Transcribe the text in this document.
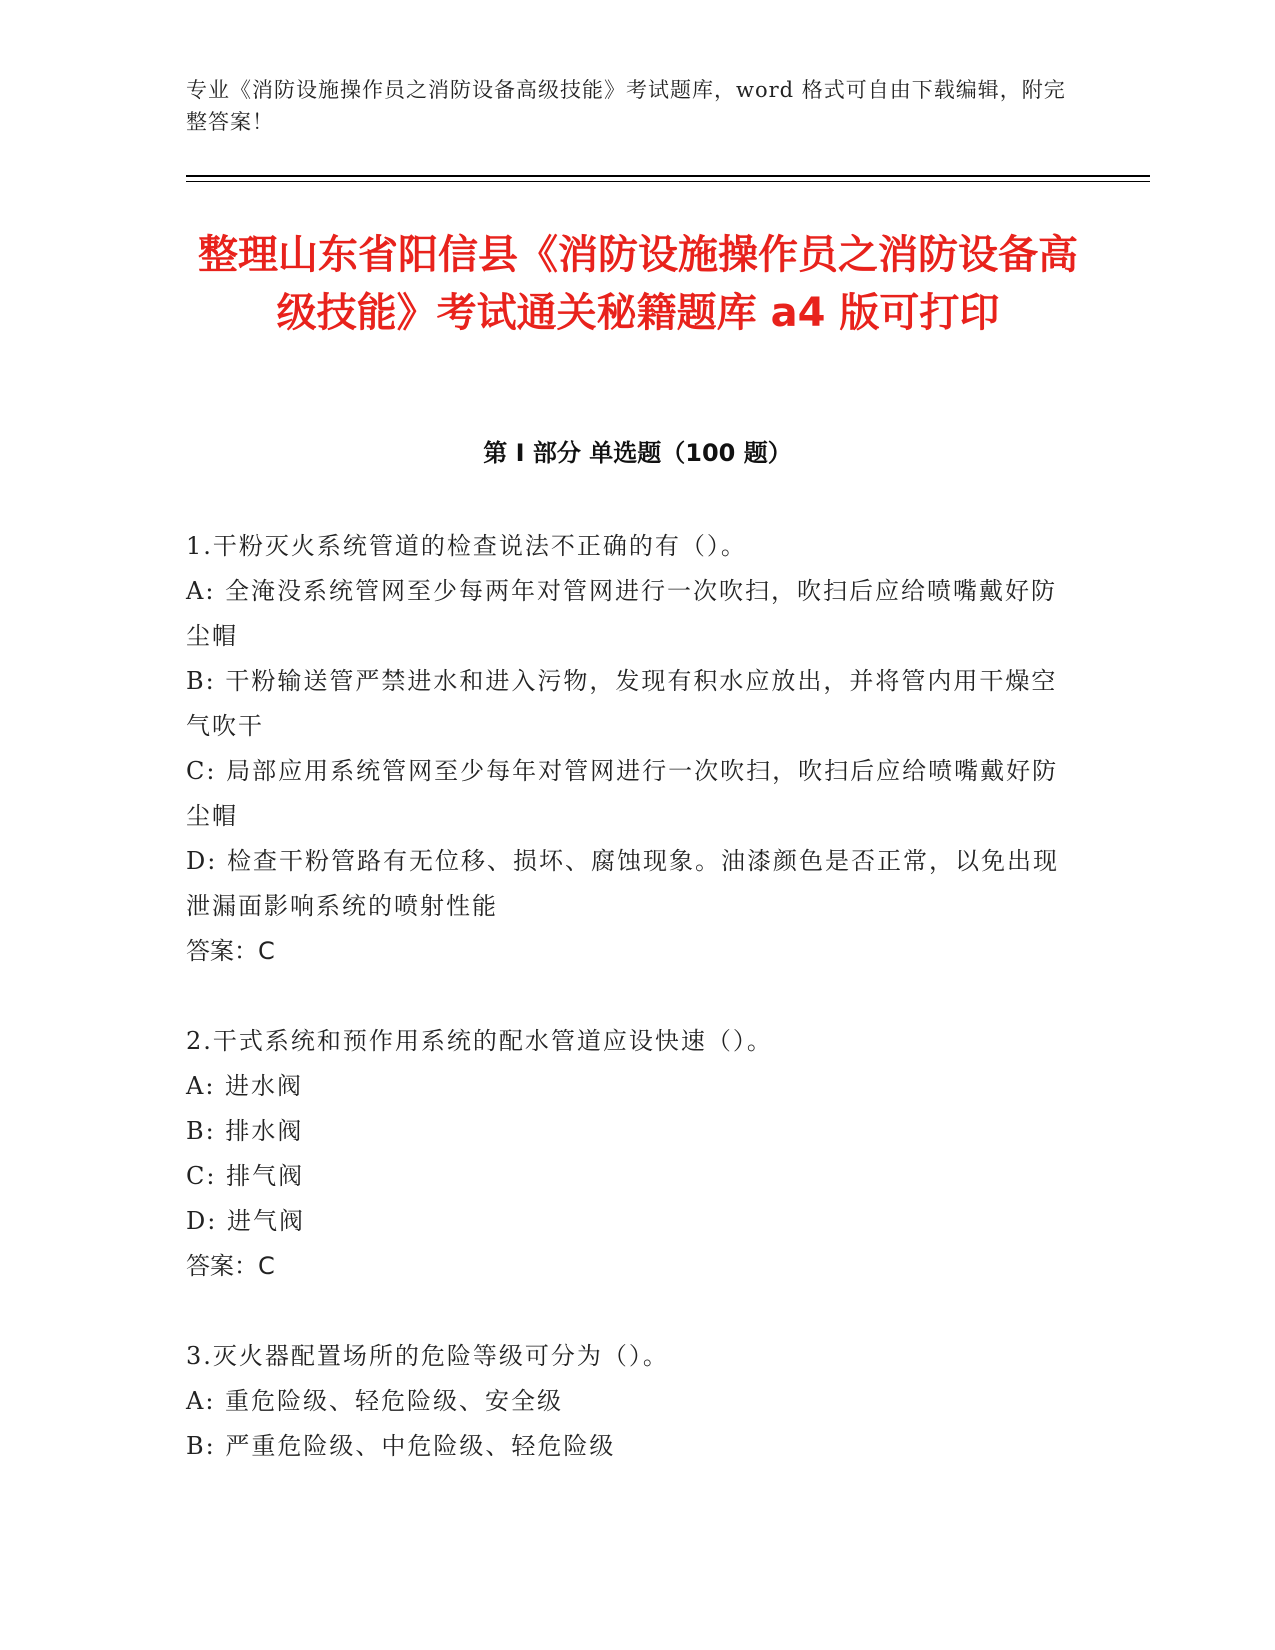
专业《消防设施操作员之消防设备高级技能》考试题库，word 格式可自由下载编辑，附完整答案！
整理山东省阳信县《消防设施操作员之消防设备高级技能》考试通关秘籍题库 a4 版可打印
第 I 部分 单选题（100 题）

1.干粉灭火系统管道的检查说法不正确的有（）。

A: 全淹没系统管网至少每两年对管网进行一次吹扫，吹扫后应给喷嘴戴好防尘帽

B: 干粉输送管严禁进水和进入污物，发现有积水应放出，并将管内用干燥空气吹干

C: 局部应用系统管网至少每年对管网进行一次吹扫，吹扫后应给喷嘴戴好防尘帽

D: 检查干粉管路有无位移、损坏、腐蚀现象。油漆颜色是否正常，以免出现泄漏面影响系统的喷射性能

答案：C

2.干式系统和预作用系统的配水管道应设快速（）。

A: 进水阀

B: 排水阀

C: 排气阀

D: 进气阀

答案：C

3.灭火器配置场所的危险等级可分为（）。

A: 重危险级、轻危险级、安全级

B: 严重危险级、中危险级、轻危险级
